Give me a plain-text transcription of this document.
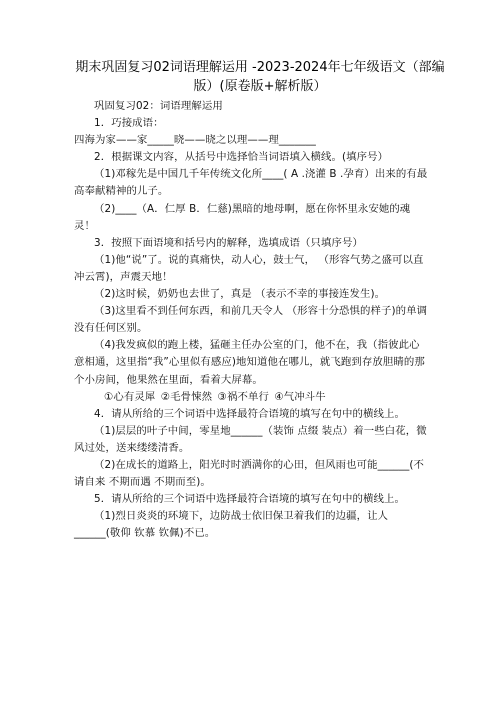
期末巩固复习02词语理解运用 -2023-2024年七年级语文（部编版）(原卷版+解析版）

巩固复习02：词语理解运用

1．巧接成语：

四海为家——家_____晓——晓之以理——理_______

2．根据课文内容，从括号中选择恰当词语填入横线。(填序号）

（1)邓稼先是中国几千年传统文化所____( A .浇灌 B .孕育）出来的有最高奉献精神的儿子。

（2)____（A．仁厚 B．仁慈)黑暗的地母啊，愿在你怀里永安她的魂灵！

3．按照下面语境和括号内的解释，选填成语（只填序号）

（1)他“说”了。说的真痛快，动人心，鼓士气， （形容气势之盛可以直冲云霄)，声震天地！

（2)这时候，奶奶也去世了，真是 （表示不幸的事接连发生)。

（3)这里看不到任何东西，和前几天令人 （形容十分恐惧的样子)的单调没有任何区别。

（4)我发疯似的跑上楼，猛砸主任办公室的门，他不在，我（指彼此心意相通，这里指“我”心里似有感应)地知道他在哪儿，就飞跑到存放胆睛的那个小房间，他果然在里面，看着大屏幕。

①心有灵犀 ②毛骨悚然 ③祸不单行 ④气冲斗牛

4．请从所给的三个词语中选择最符合语境的填写在句中的横线上。

（1)层层的叶子中间，零星地______（装饰 点缀 装点）着一些白花，微风过处，送来缕缕清香。

（2)在成长的道路上，阳光时时洒满你的心田，但风雨也可能______(不请自来 不期而遇 不期而至)。

5．请从所给的三个词语中选择最符合语境的填写在句中的横线上。

（1)烈日炎炎的环境下，边防战士依旧保卫着我们的边疆，让人______(敬仰 钦慕 钦佩)不已。
